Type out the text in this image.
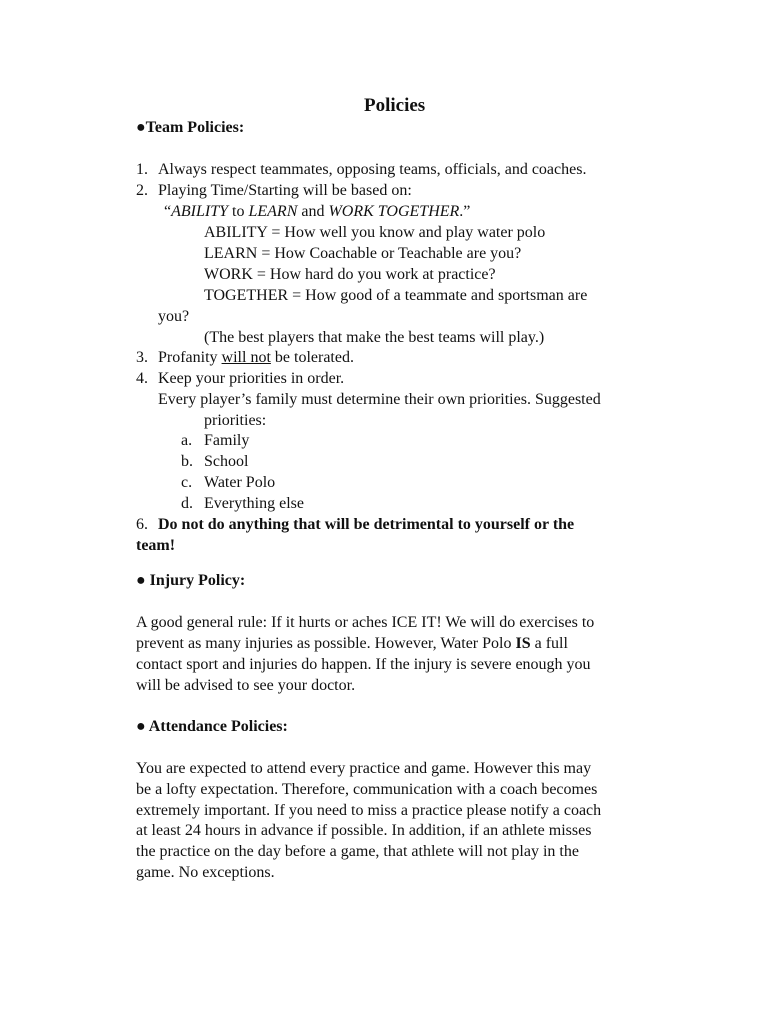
Policies
●Team Policies:
1. Always respect teammates, opposing teams, officials, and coaches.
2. Playing Time/Starting will be based on:
“ABILITY to LEARN and WORK TOGETHER.”
ABILITY = How well you know and play water polo
LEARN = How Coachable or Teachable are you?
WORK = How hard do you work at practice?
TOGETHER = How good of a teammate and sportsman are
you?
(The best players that make the best teams will play.)
3. Profanity will not be tolerated.
4. Keep your priorities in order.
Every player’s family must determine their own priorities. Suggested
priorities:
a. Family
b. School
c. Water Polo
d. Everything else
6. Do not do anything that will be detrimental to yourself or the
team!
● Injury Policy:
A good general rule: If it hurts or aches ICE IT! We will do exercises to
prevent as many injuries as possible. However, Water Polo IS a full
contact sport and injuries do happen. If the injury is severe enough you
will be advised to see your doctor.
● Attendance Policies:
You are expected to attend every practice and game. However this may
be a lofty expectation. Therefore, communication with a coach becomes
extremely important. If you need to miss a practice please notify a coach
at least 24 hours in advance if possible. In addition, if an athlete misses
the practice on the day before a game, that athlete will not play in the
game. No exceptions.
